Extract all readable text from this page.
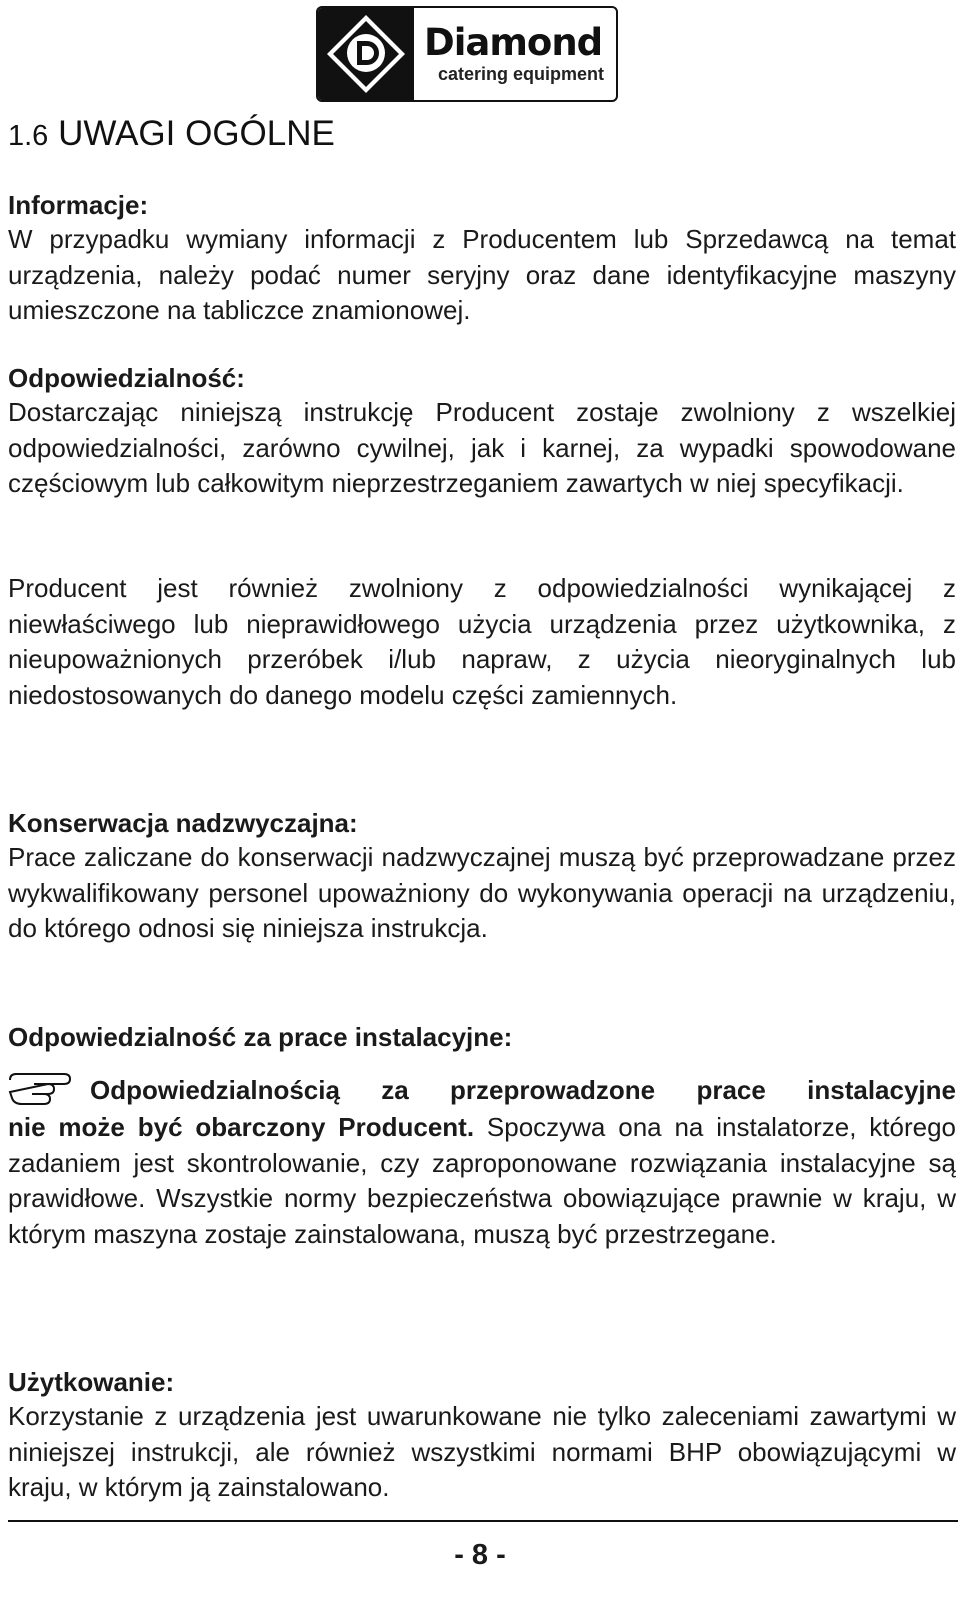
Diamond
catering equipment
1.6 UWAGI OGÓLNE
Informacje:
W przypadku wymiany informacji z Producentem lub Sprzedawcą na temat urządzenia, należy podać numer seryjny oraz dane identyfikacyjne maszyny umieszczone na tabliczce znamionowej.
Odpowiedzialność:
Dostarczając niniejszą instrukcję Producent zostaje zwolniony z wszelkiej odpowiedzialności, zarówno cywilnej, jak i karnej, za wypadki spowodowane częściowym lub całkowitym nieprzestrzeganiem zawartych w niej specyfikacji.
Producent jest również zwolniony z odpowiedzialności wynikającej z niewłaściwego lub nieprawidłowego użycia urządzenia przez użytkownika, z nieupoważnionych przeróbek i/lub napraw, z użycia nieoryginalnych lub niedostosowanych do danego modelu części zamiennych.
Konserwacja nadzwyczajna:
Prace zaliczane do konserwacji nadzwyczajnej muszą być przeprowadzane przez wykwalifikowany personel upoważniony do wykonywania operacji na urządzeniu, do którego odnosi się niniejsza instrukcja.
Odpowiedzialność za prace instalacyjne:
Odpowiedzialnością za przeprowadzone prace instalacyjne
nie może być obarczony Producent. Spoczywa ona na instalatorze, którego zadaniem jest skontrolowanie, czy zaproponowane rozwiązania instalacyjne są prawidłowe. Wszystkie normy bezpieczeństwa obowiązujące prawnie w kraju, w którym maszyna zostaje zainstalowana, muszą być przestrzegane.
Użytkowanie:
Korzystanie z urządzenia jest uwarunkowane nie tylko zaleceniami zawartymi w niniejszej instrukcji, ale również wszystkimi normami BHP obowiązującymi w kraju, w którym ją zainstalowano.
- 8 -
